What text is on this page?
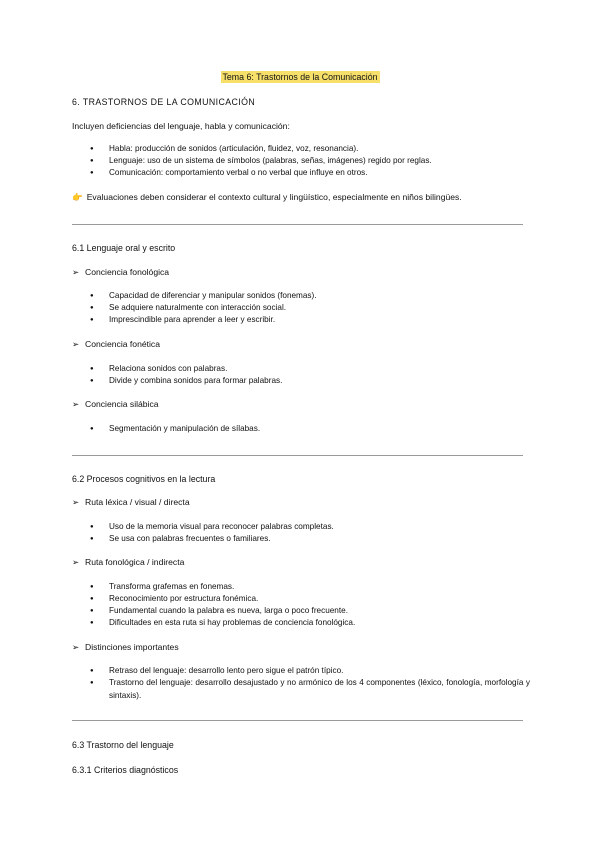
Tema 6: Trastornos de la Comunicación
6. TRASTORNOS DE LA COMUNICACIÓN
Incluyen deficiencias del lenguaje, habla y comunicación:
● Habla: producción de sonidos (articulación, fluidez, voz, resonancia).
● Lenguaje: uso de un sistema de símbolos (palabras, señas, imágenes) regido por reglas.
● Comunicación: comportamiento verbal o no verbal que influye en otros.
👉 Evaluaciones deben considerar el contexto cultural y lingüístico, especialmente en niños bilingües.
6.1 Lenguaje oral y escrito
➢ Conciencia fonológica
● Capacidad de diferenciar y manipular sonidos (fonemas).
● Se adquiere naturalmente con interacción social.
● Imprescindible para aprender a leer y escribir.
➢ Conciencia fonética
● Relaciona sonidos con palabras.
● Divide y combina sonidos para formar palabras.
➢ Conciencia silábica
● Segmentación y manipulación de sílabas.
6.2 Procesos cognitivos en la lectura
➢ Ruta léxica / visual / directa
● Uso de la memoria visual para reconocer palabras completas.
● Se usa con palabras frecuentes o familiares.
➢ Ruta fonológica / indirecta
● Transforma grafemas en fonemas.
● Reconocimiento por estructura fonémica.
● Fundamental cuando la palabra es nueva, larga o poco frecuente.
● Dificultades en esta ruta si hay problemas de conciencia fonológica.
➢ Distinciones importantes
● Retraso del lenguaje: desarrollo lento pero sigue el patrón típico.
● Trastorno del lenguaje: desarrollo desajustado y no armónico de los 4 componentes (léxico, fonología, morfología y sintaxis).
6.3 Trastorno del lenguaje
6.3.1 Criterios diagnósticos
